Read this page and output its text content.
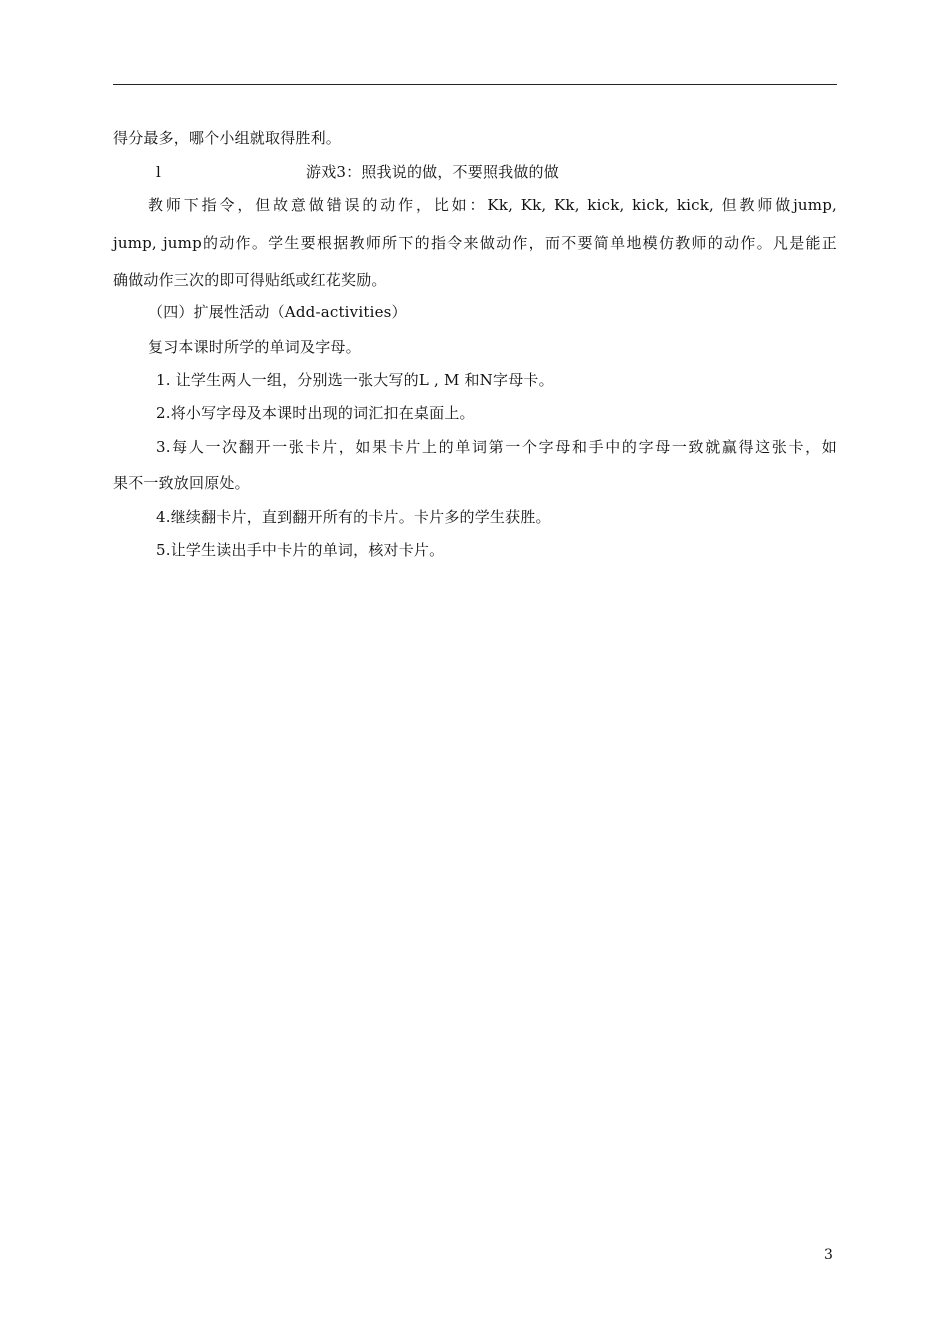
得分最多，哪个小组就取得胜利。
l	游戏3：照我说的做，不要照我做的做
教师下指令，但故意做错误的动作，比如：Kk, Kk, Kk, kick, kick, kick, 但教师做jump,
jump, jump的动作。学生要根据教师所下的指令来做动作，而不要简单地模仿教师的动作。凡是能正
确做动作三次的即可得贴纸或红花奖励。
（四）扩展性活动（Add-activities）
复习本课时所学的单词及字母。
1. 让学生两人一组，分别选一张大写的L , M 和N字母卡。
2.将小写字母及本课时出现的词汇扣在桌面上。
3.每人一次翻开一张卡片，如果卡片上的单词第一个字母和手中的字母一致就赢得这张卡，如
果不一致放回原处。
4.继续翻卡片，直到翻开所有的卡片。卡片多的学生获胜。
5.让学生读出手中卡片的单词，核对卡片。
3
